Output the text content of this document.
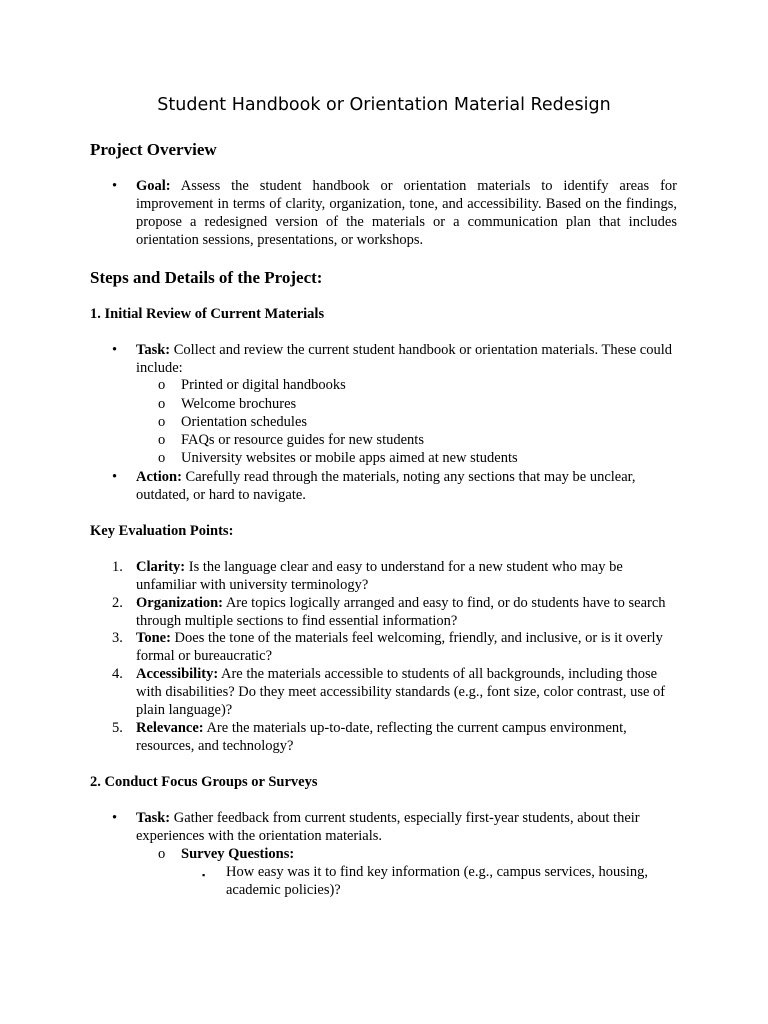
Student Handbook or Orientation Material Redesign
Project Overview
• Goal: Assess the student handbook or orientation materials to identify areas for improvement in terms of clarity, organization, tone, and accessibility. Based on the findings, propose a redesigned version of the materials or a communication plan that includes orientation sessions, presentations, or workshops.
Steps and Details of the Project:
1. Initial Review of Current Materials
• Task: Collect and review the current student handbook or orientation materials. These could include:
o Printed or digital handbooks
o Welcome brochures
o Orientation schedules
o FAQs or resource guides for new students
o University websites or mobile apps aimed at new students
• Action: Carefully read through the materials, noting any sections that may be unclear, outdated, or hard to navigate.
Key Evaluation Points:
1. Clarity: Is the language clear and easy to understand for a new student who may be unfamiliar with university terminology?
2. Organization: Are topics logically arranged and easy to find, or do students have to search through multiple sections to find essential information?
3. Tone: Does the tone of the materials feel welcoming, friendly, and inclusive, or is it overly formal or bureaucratic?
4. Accessibility: Are the materials accessible to students of all backgrounds, including those with disabilities? Do they meet accessibility standards (e.g., font size, color contrast, use of plain language)?
5. Relevance: Are the materials up-to-date, reflecting the current campus environment, resources, and technology?
2. Conduct Focus Groups or Surveys
• Task: Gather feedback from current students, especially first-year students, about their experiences with the orientation materials.
o Survey Questions:
▪ How easy was it to find key information (e.g., campus services, housing, academic policies)?
